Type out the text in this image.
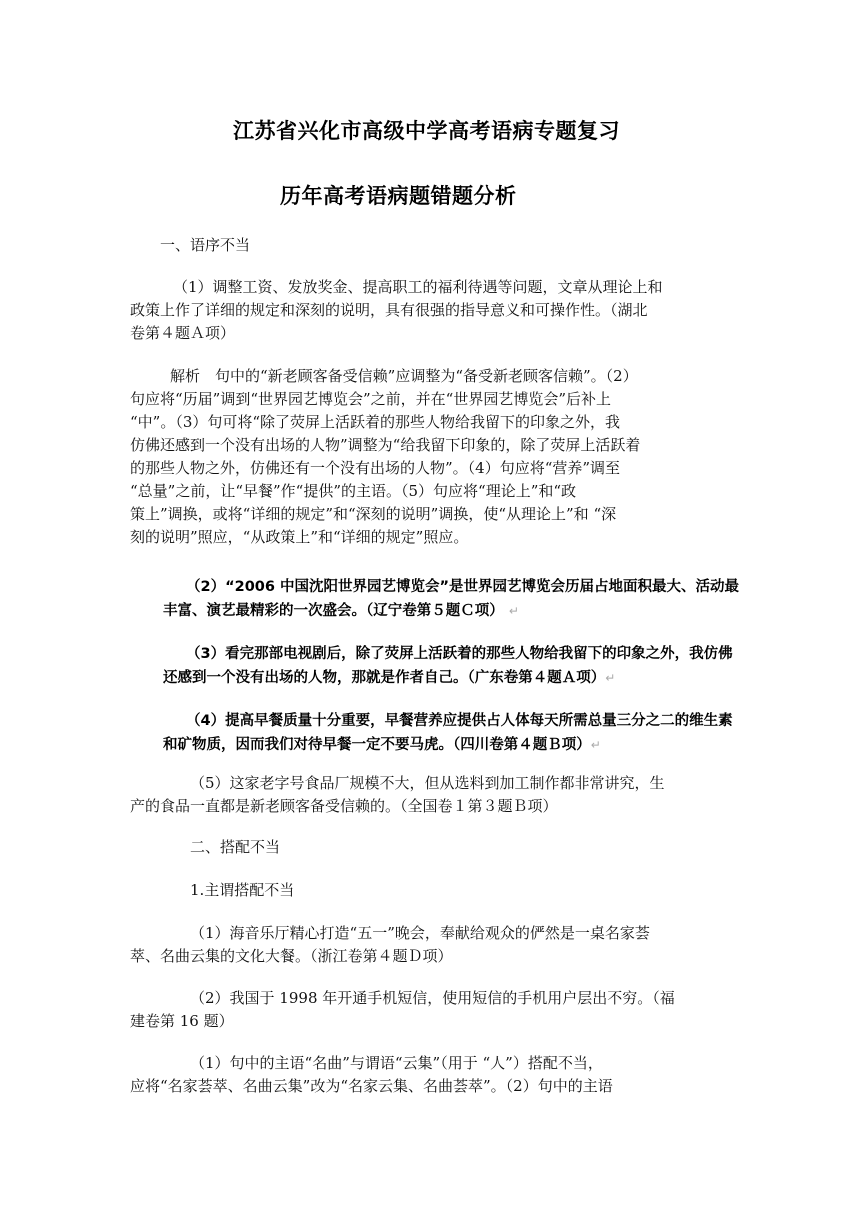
江苏省兴化市高级中学高考语病专题复习
历年高考语病题错题分析
一、语序不当
（1）调整工资、发放奖金、提高职工的福利待遇等问题，文章从理论上和
政策上作了详细的规定和深刻的说明，具有很强的指导意义和可操作性。（湖北
卷第４题Ａ项）
解析　句中的“新老顾客备受信赖”应调整为“备受新老顾客信赖”。（2）
句应将“历届”调到“世界园艺博览会”之前，并在“世界园艺博览会”后补上
“中”。（3）句可将“除了荧屏上活跃着的那些人物给我留下的印象之外，我
仿佛还感到一个没有出场的人物”调整为“给我留下印象的，除了荧屏上活跃着
的那些人物之外，仿佛还有一个没有出场的人物”。（4）句应将“营养”调至
“总量”之前，让“早餐”作“提供”的主语。（5）句应将“理论上”和“政
策上”调换，或将“详细的规定”和“深刻的说明”调换，使“从理论上”和 “深
刻的说明”照应，“从政策上”和“详细的规定”照应。
（2）“2006 中国沈阳世界园艺博览会”是世界园艺博览会历届占地面积最大、活动最
丰富、演艺最精彩的一次盛会。（辽宁卷第５题Ｃ项） ↵
（3）看完那部电视剧后，除了荧屏上活跃着的那些人物给我留下的印象之外，我仿佛
还感到一个没有出场的人物，那就是作者自己。（广东卷第４题Ａ项）↵
（4）提高早餐质量十分重要，早餐营养应提供占人体每天所需总量三分之二的维生素
和矿物质，因而我们对待早餐一定不要马虎。（四川卷第４题Ｂ项）↵
（5）这家老字号食品厂规模不大，但从选料到加工制作都非常讲究，生
产的食品一直都是新老顾客备受信赖的。（全国卷１第３题Ｂ项）
二、搭配不当
1.主谓搭配不当
（1）海音乐厅精心打造“五一”晚会，奉献给观众的俨然是一桌名家荟
萃、名曲云集的文化大餐。（浙江卷第４题Ｄ项）
（2）我国于 1998 年开通手机短信，使用短信的手机用户层出不穷。（福
建卷第 16 题）
（1）句中的主语“名曲”与谓语“云集”（用于 “人”）搭配不当，
应将“名家荟萃、名曲云集”改为“名家云集、名曲荟萃”。（2）句中的主语
